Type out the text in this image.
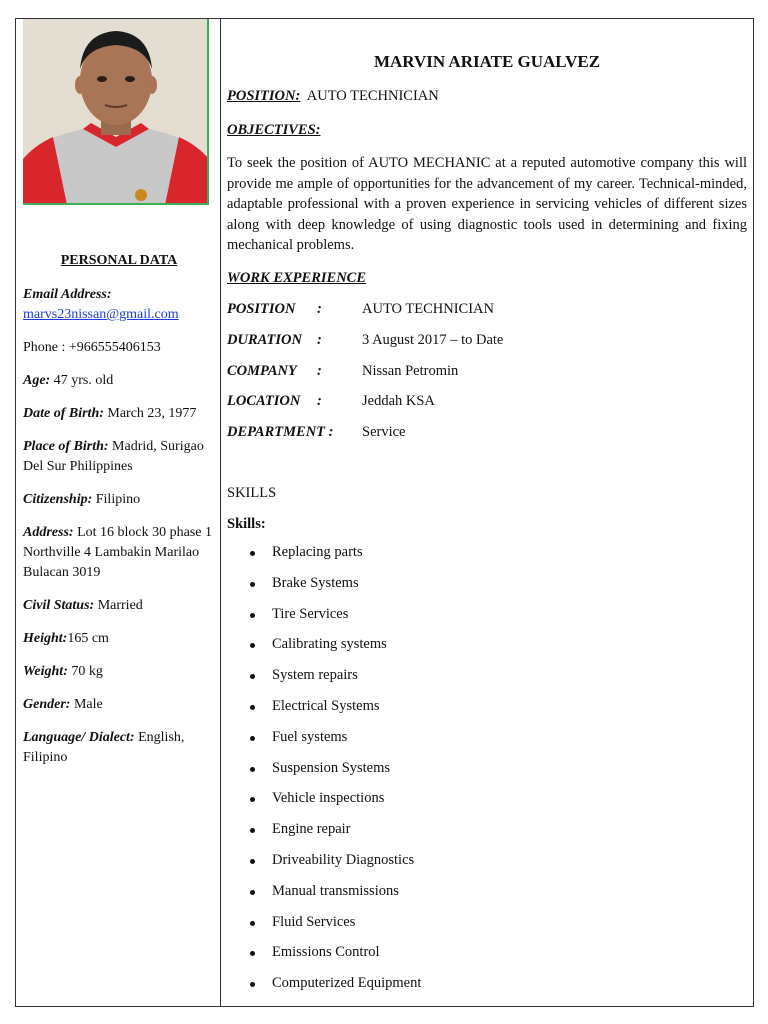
PERSONAL DATA
Email Address:
marvs23nissan@gmail.com
Phone : +966555406153
Age: 47 yrs. old
Date of Birth: March 23, 1977
Place of Birth: Madrid, Surigao Del Sur Philippines
Citizenship: Filipino
Address: Lot 16 block 30 phase 1 Northville 4 Lambakin Marilao Bulacan 3019
Civil Status: Married
Height:165 cm
Weight: 70 kg
Gender: Male
Language/ Dialect: English, Filipino
MARVIN ARIATE GUALVEZ
POSITION: AUTO TECHNICIAN
OBJECTIVES:
To seek the position of AUTO MECHANIC at a reputed automotive company this will provide me ample of opportunities for the advancement of my career. Technical-minded, adaptable professional with a proven experience in servicing vehicles of different sizes along with deep knowledge of using diagnostic tools used in determining and fixing mechanical problems.
WORK EXPERIENCE
POSITION :	AUTO TECHNICIAN
DURATION :	3 August 2017 – to Date
COMPANY :	Nissan Petromin
LOCATION :	Jeddah KSA
DEPARTMENT : Service
SKILLS
Skills:
Replacing parts
Brake Systems
Tire Services
Calibrating systems
System repairs
Electrical Systems
Fuel systems
Suspension Systems
Vehicle inspections
Engine repair
Driveability Diagnostics
Manual transmissions
Fluid Services
Emissions Control
Computerized Equipment
